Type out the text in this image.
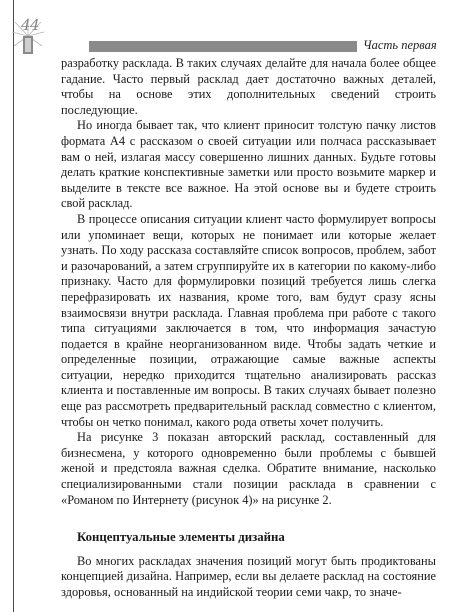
44
Часть первая

разработку расклада. В таких случаях делайте для начала более общее гадание. Часто первый расклад дает достаточно важных деталей, чтобы на основе этих дополнительных сведений строить последующие.

Но иногда бывает так, что клиент приносит толстую пачку листов формата А4 с рассказом о своей ситуации или полчаса рассказывает вам о ней, излагая массу совершенно лишних данных. Будьте готовы делать краткие конспективные заметки или просто возьмите маркер и выделите в тексте все важное. На этой основе вы и будете строить свой расклад.

В процессе описания ситуации клиент часто формулирует вопросы или упоминает вещи, которых не понимает или которые желает узнать. По ходу рассказа составляйте список вопросов, проблем, забот и разочарований, а затем сгруппируйте их в категории по какому-либо признаку. Часто для формулировки позиций требуется лишь слегка перефразировать их названия, кроме того, вам будут сразу ясны взаимосвязи внутри расклада. Главная проблема при работе с такого типа ситуациями заключается в том, что информация зачастую подается в крайне неорганизованном виде. Чтобы задать четкие и определенные позиции, отражающие самые важные аспекты ситуации, нередко приходится тщательно анализировать рассказ клиента и поставленные им вопросы. В таких случаях бывает полезно еще раз рассмотреть предварительный расклад совместно с клиентом, чтобы он четко понимал, какого рода ответы хочет получить.

На рисунке 3 показан авторский расклад, составленный для бизнесмена, у которого одновременно были проблемы с бывшей женой и предстояла важная сделка. Обратите внимание, насколько специализированными стали позиции расклада в сравнении с «Романом по Интернету (рисунок 4)» на рисунке 2.

Концептуальные элементы дизайна

Во многих раскладах значения позиций могут быть продиктованы концепцией дизайна. Например, если вы делаете расклад на состояние здоровья, основанный на индийской теории семи чакр, то значе-
